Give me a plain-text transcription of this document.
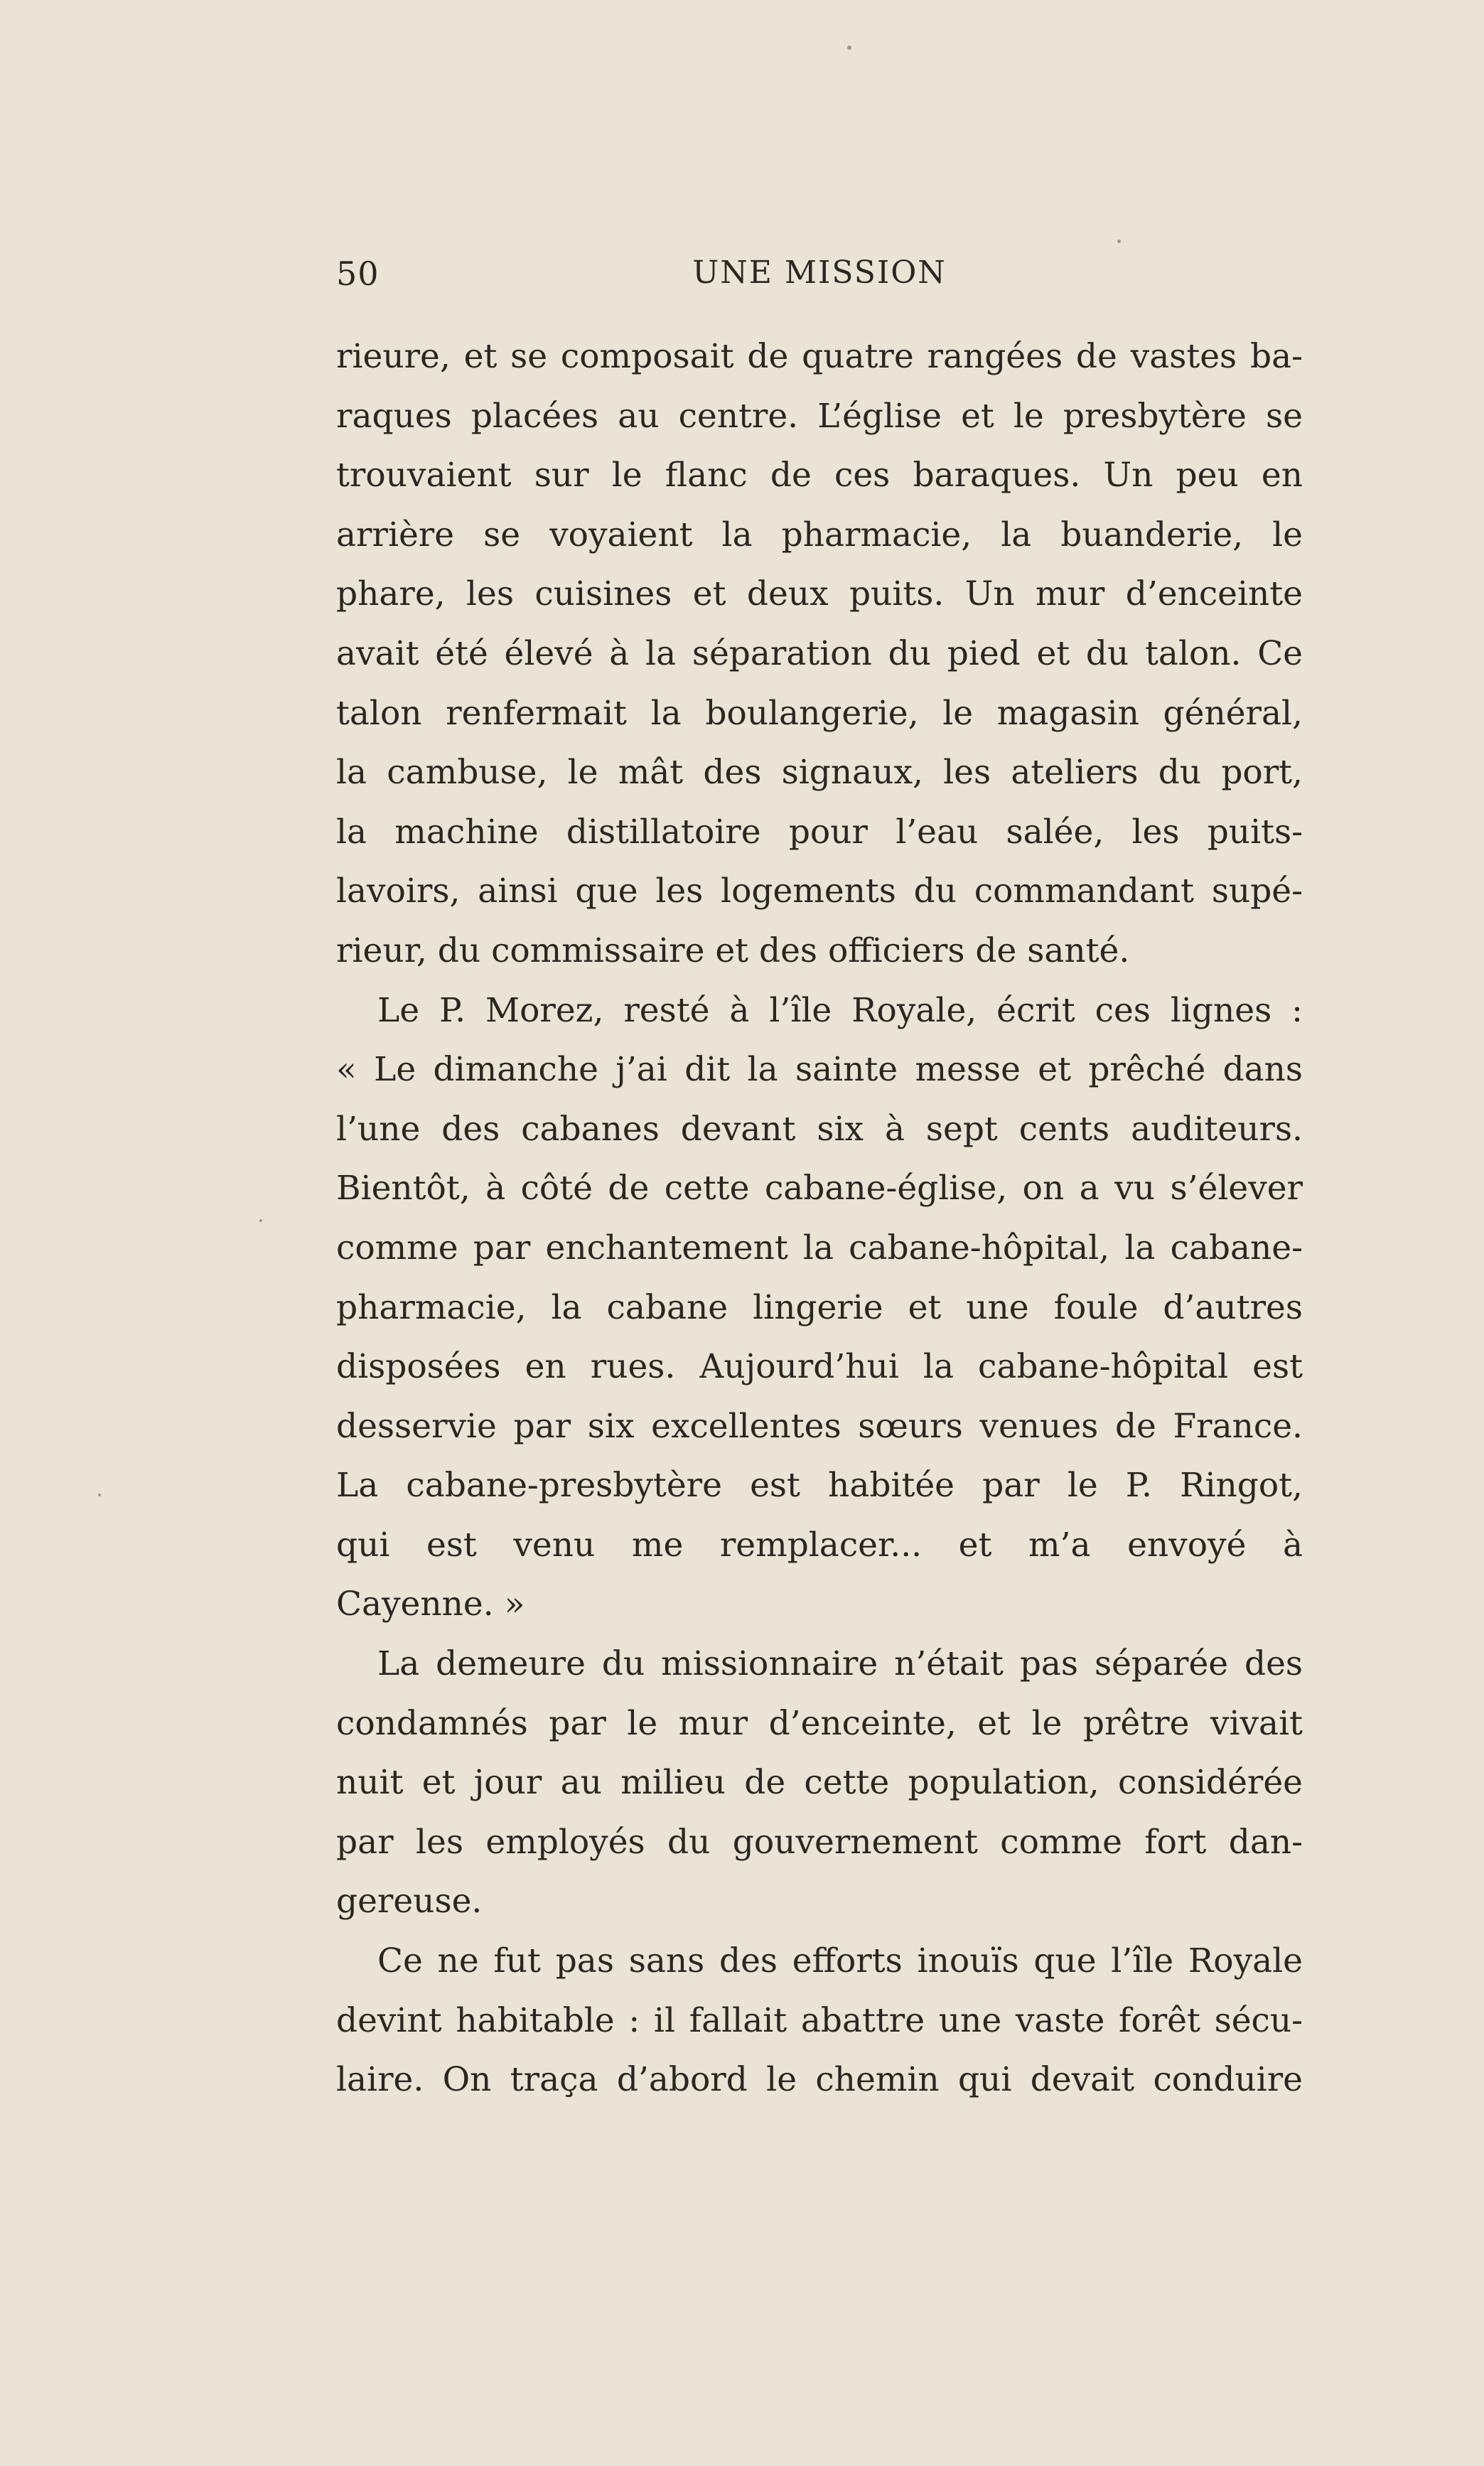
50	UNE MISSION
rieure, et se composait de quatre rangées de vastes ba-
raques placées au centre. L’église et le presbytère se
trouvaient sur le flanc de ces baraques. Un peu en
arrière se voyaient la pharmacie, la buanderie, le
phare, les cuisines et deux puits. Un mur d’enceinte
avait été élevé à la séparation du pied et du talon. Ce
talon renfermait la boulangerie, le magasin général,
la cambuse, le mât des signaux, les ateliers du port,
la machine distillatoire pour l’eau salée, les puits-
lavoirs, ainsi que les logements du commandant supé-
rieur, du commissaire et des officiers de santé.
Le P. Morez, resté à l’île Royale, écrit ces lignes :
« Le dimanche j’ai dit la sainte messe et prêché dans
l’une des cabanes devant six à sept cents auditeurs.
Bientôt, à côté de cette cabane-église, on a vu s’élever
comme par enchantement la cabane-hôpital, la cabane-
pharmacie, la cabane lingerie et une foule d’autres
disposées en rues. Aujourd’hui la cabane-hôpital est
desservie par six excellentes sœurs venues de France.
La cabane-presbytère est habitée par le P. Ringot,
qui est venu me remplacer... et m’a envoyé à
Cayenne. »
La demeure du missionnaire n’était pas séparée des
condamnés par le mur d’enceinte, et le prêtre vivait
nuit et jour au milieu de cette population, considérée
par les employés du gouvernement comme fort dan-
gereuse.
Ce ne fut pas sans des efforts inouïs que l’île Royale
devint habitable : il fallait abattre une vaste forêt sécu-
laire. On traça d’abord le chemin qui devait conduire
